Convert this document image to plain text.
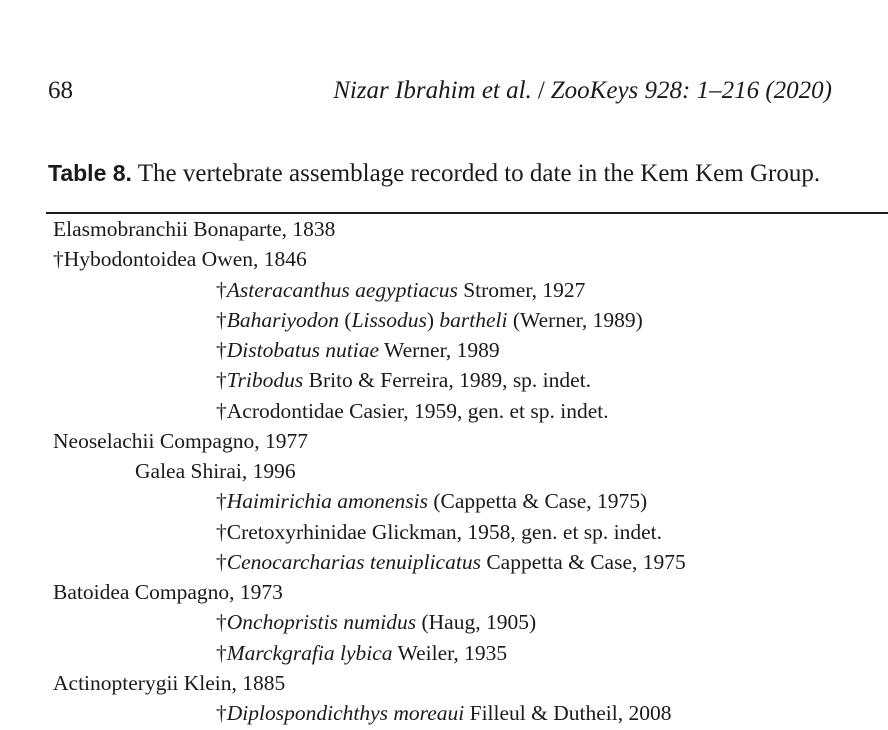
68	Nizar Ibrahim et al. / ZooKeys 928: 1–216 (2020)
Table 8. The vertebrate assemblage recorded to date in the Kem Kem Group.
Elasmobranchii Bonaparte, 1838
†Hybodontoidea Owen, 1846
†Asteracanthus aegyptiacus Stromer, 1927
†Bahariyodon (Lissodus) bartheli (Werner, 1989)
†Distobatus nutiae Werner, 1989
†Tribodus Brito & Ferreira, 1989, sp. indet.
†Acrodontidae Casier, 1959, gen. et sp. indet.
Neoselachii Compagno, 1977
Galea Shirai, 1996
†Haimirichia amonensis (Cappetta & Case, 1975)
†Cretoxyrhinidae Glickman, 1958, gen. et sp. indet.
†Cenocarcharias tenuiplicatus Cappetta & Case, 1975
Batoidea Compagno, 1973
†Onchopristis numidus (Haug, 1905)
†Marckgrafia lybica Weiler, 1935
Actinopterygii Klein, 1885
†Diplospondichthys moreaui Filleul & Dutheil, 2008
